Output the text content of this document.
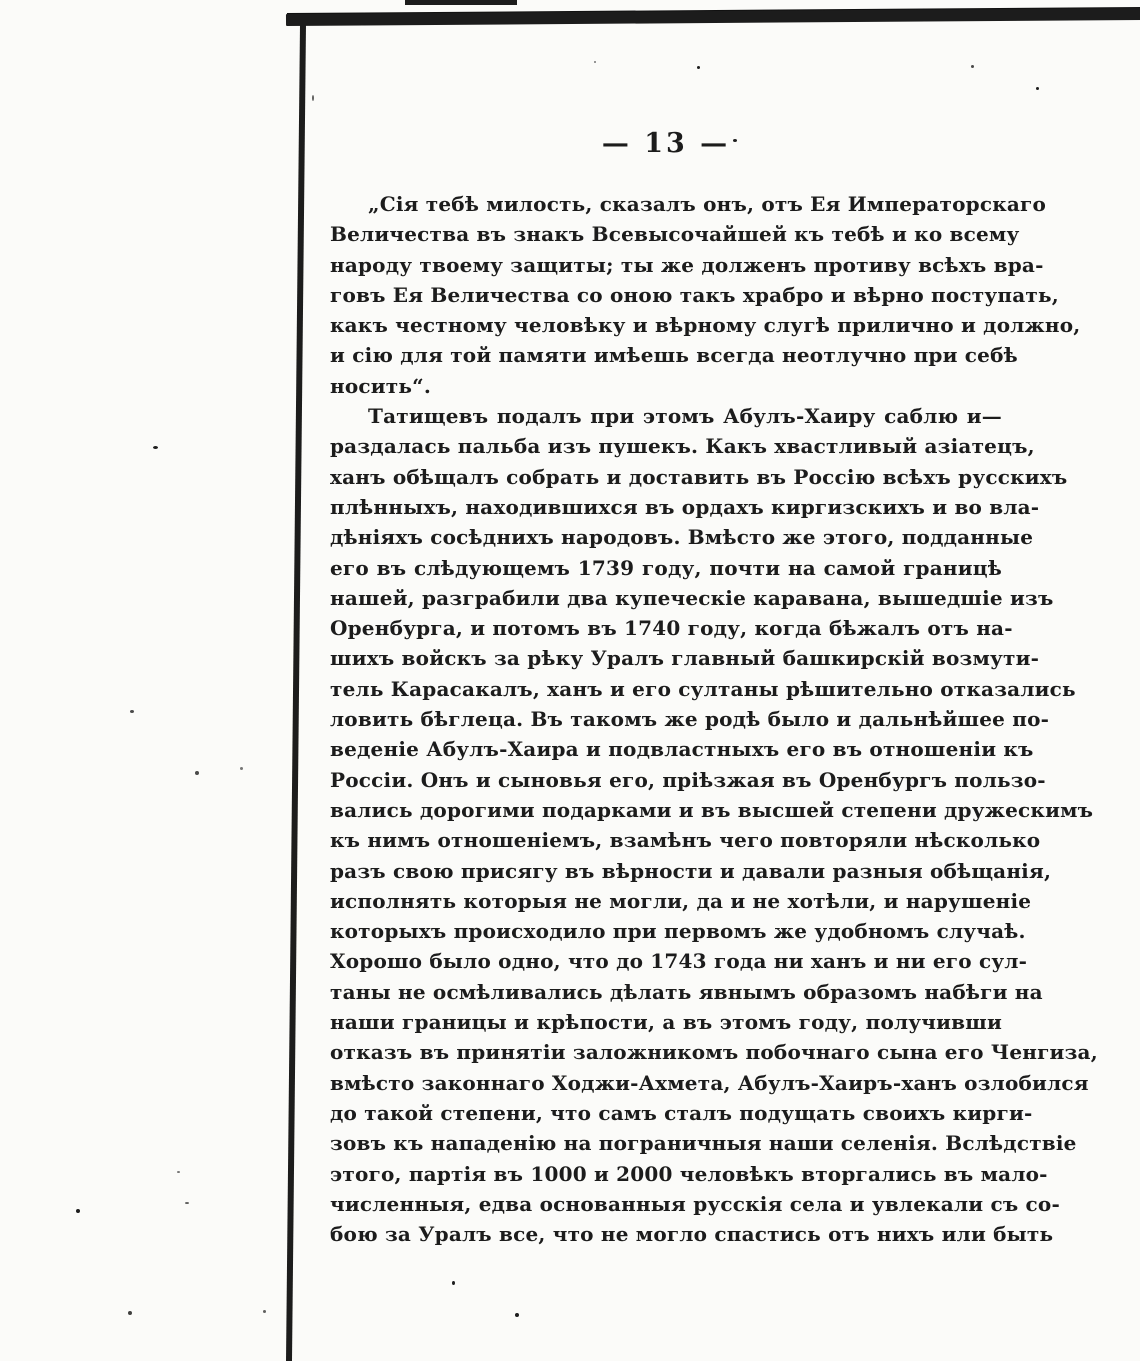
— 13 —
„Сія тебѣ милость, сказалъ онъ, отъ Ея Императорскаго
Величества въ знакъ Всевысочайшей къ тебѣ и ко всему
народу твоему защиты; ты же долженъ противу всѣхъ вра-
говъ Ея Величества со оною такъ храбро и вѣрно поступать,
какъ честному человѣку и вѣрному слугѣ прилично и должно,
и сію для той памяти имѣешь всегда неотлучно при себѣ
носить“.
Татищевъ подалъ при этомъ Абулъ-Хаиру саблю и—
раздалась пальба изъ пушекъ. Какъ хвастливый азіатецъ,
ханъ обѣщалъ собрать и доставить въ Россію всѣхъ русскихъ
плѣнныхъ, находившихся въ ордахъ киргизскихъ и во вла-
дѣніяхъ сосѣднихъ народовъ. Вмѣсто же этого, подданные
его въ слѣдующемъ 1739 году, почти на самой границѣ
нашей, разграбили два купеческіе каравана, вышедшіе изъ
Оренбурга, и потомъ въ 1740 году, когда бѣжалъ отъ на-
шихъ войскъ за рѣку Уралъ главный башкирскій возмути-
тель Карасакалъ, ханъ и его султаны рѣшительно отказались
ловить бѣглеца. Въ такомъ же родѣ было и дальнѣйшее по-
веденіе Абулъ-Хаира и подвластныхъ его въ отношеніи къ
Россіи. Онъ и сыновья его, пріѣзжая въ Оренбургъ пользо-
вались дорогими подарками и въ высшей степени дружескимъ
къ нимъ отношеніемъ, взамѣнъ чего повторяли нѣсколько
разъ свою присягу въ вѣрности и давали разныя обѣщанія,
исполнять которыя не могли, да и не хотѣли, и нарушеніе
которыхъ происходило при первомъ же удобномъ случаѣ.
Хорошо было одно, что до 1743 года ни ханъ и ни его сул-
таны не осмѣливались дѣлать явнымъ образомъ набѣги на
наши границы и крѣпости, а въ этомъ году, получивши
отказъ въ принятіи заложникомъ побочнаго сына его Ченгиза,
вмѣсто законнаго Ходжи-Ахмета, Абулъ-Хаиръ-ханъ озлобился
до такой степени, что самъ сталъ подущать своихъ кирги-
зовъ къ нападенію на пограничныя наши селенія. Вслѣдствіе
этого, партія въ 1000 и 2000 человѣкъ вторгались въ мало-
численныя, едва основанныя русскія села и увлекали съ со-
бою за Уралъ все, что не могло спастись отъ нихъ или быть
